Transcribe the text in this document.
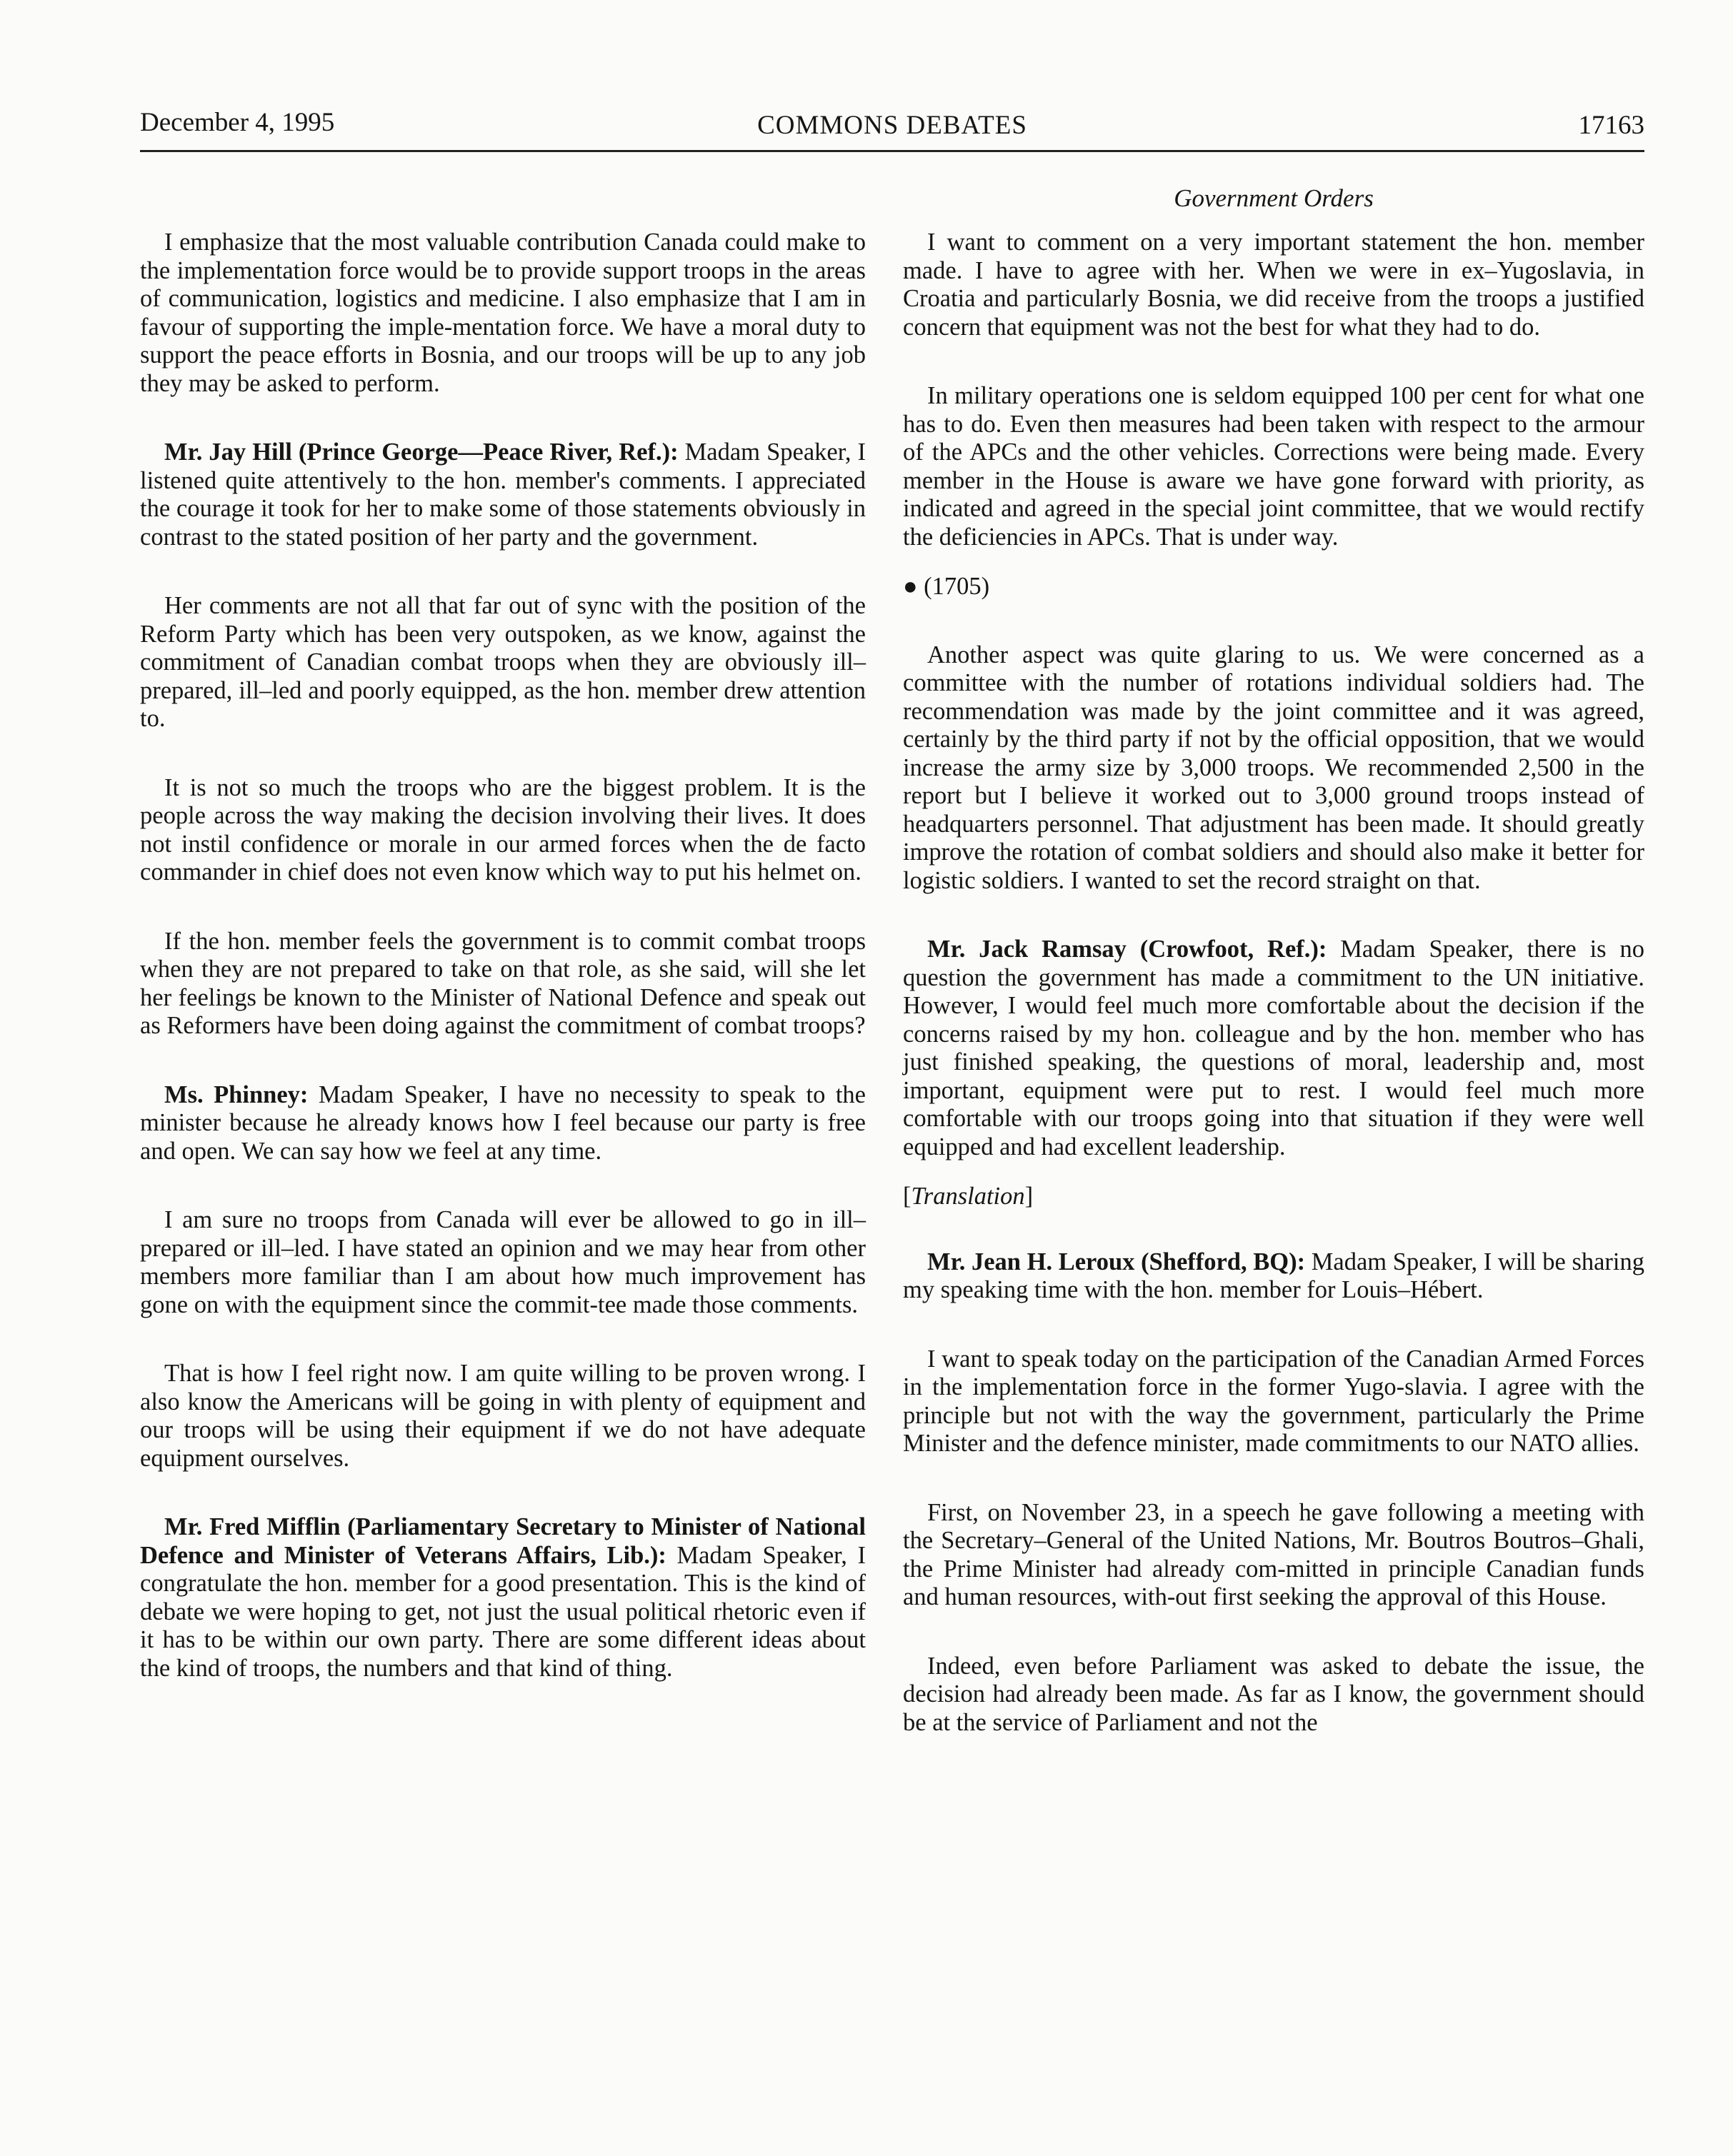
December 4, 1995	COMMONS DEBATES	17163
Government Orders

I emphasize that the most valuable contribution Canada could make to the implementation force would be to provide support troops in the areas of communication, logistics and medicine. I also emphasize that I am in favour of supporting the imple-mentation force. We have a moral duty to support the peace efforts in Bosnia, and our troops will be up to any job they may be asked to perform.

Mr. Jay Hill (Prince George—Peace River, Ref.): Madam Speaker, I listened quite attentively to the hon. member's comments. I appreciated the courage it took for her to make some of those statements obviously in contrast to the stated position of her party and the government.

Her comments are not all that far out of sync with the position of the Reform Party which has been very outspoken, as we know, against the commitment of Canadian combat troops when they are obviously ill–prepared, ill–led and poorly equipped, as the hon. member drew attention to.

It is not so much the troops who are the biggest problem. It is the people across the way making the decision involving their lives. It does not instil confidence or morale in our armed forces when the de facto commander in chief does not even know which way to put his helmet on.

If the hon. member feels the government is to commit combat troops when they are not prepared to take on that role, as she said, will she let her feelings be known to the Minister of National Defence and speak out as Reformers have been doing against the commitment of combat troops?

Ms. Phinney: Madam Speaker, I have no necessity to speak to the minister because he already knows how I feel because our party is free and open. We can say how we feel at any time.

I am sure no troops from Canada will ever be allowed to go in ill–prepared or ill–led. I have stated an opinion and we may hear from other members more familiar than I am about how much improvement has gone on with the equipment since the commit-tee made those comments.

That is how I feel right now. I am quite willing to be proven wrong. I also know the Americans will be going in with plenty of equipment and our troops will be using their equipment if we do not have adequate equipment ourselves.

Mr. Fred Mifflin (Parliamentary Secretary to Minister of National Defence and Minister of Veterans Affairs, Lib.): Madam Speaker, I congratulate the hon. member for a good presentation. This is the kind of debate we were hoping to get, not just the usual political rhetoric even if it has to be within our own party. There are some different ideas about the kind of troops, the numbers and that kind of thing.

I want to comment on a very important statement the hon. member made. I have to agree with her. When we were in ex–Yugoslavia, in Croatia and particularly Bosnia, we did receive from the troops a justified concern that equipment was not the best for what they had to do.

In military operations one is seldom equipped 100 per cent for what one has to do. Even then measures had been taken with respect to the armour of the APCs and the other vehicles. Corrections were being made. Every member in the House is aware we have gone forward with priority, as indicated and agreed in the special joint committee, that we would rectify the deficiencies in APCs. That is under way.

● (1705)

Another aspect was quite glaring to us. We were concerned as a committee with the number of rotations individual soldiers had. The recommendation was made by the joint committee and it was agreed, certainly by the third party if not by the official opposition, that we would increase the army size by 3,000 troops. We recommended 2,500 in the report but I believe it worked out to 3,000 ground troops instead of headquarters personnel. That adjustment has been made. It should greatly improve the rotation of combat soldiers and should also make it better for logistic soldiers. I wanted to set the record straight on that.

Mr. Jack Ramsay (Crowfoot, Ref.): Madam Speaker, there is no question the government has made a commitment to the UN initiative. However, I would feel much more comfortable about the decision if the concerns raised by my hon. colleague and by the hon. member who has just finished speaking, the questions of moral, leadership and, most important, equipment were put to rest. I would feel much more comfortable with our troops going into that situation if they were well equipped and had excellent leadership.

[Translation]

Mr. Jean H. Leroux (Shefford, BQ): Madam Speaker, I will be sharing my speaking time with the hon. member for Louis–Hébert.

I want to speak today on the participation of the Canadian Armed Forces in the implementation force in the former Yugo-slavia. I agree with the principle but not with the way the government, particularly the Prime Minister and the defence minister, made commitments to our NATO allies.

First, on November 23, in a speech he gave following a meeting with the Secretary–General of the United Nations, Mr. Boutros Boutros–Ghali, the Prime Minister had already com-mitted in principle Canadian funds and human resources, with-out first seeking the approval of this House.

Indeed, even before Parliament was asked to debate the issue, the decision had already been made. As far as I know, the government should be at the service of Parliament and not the
